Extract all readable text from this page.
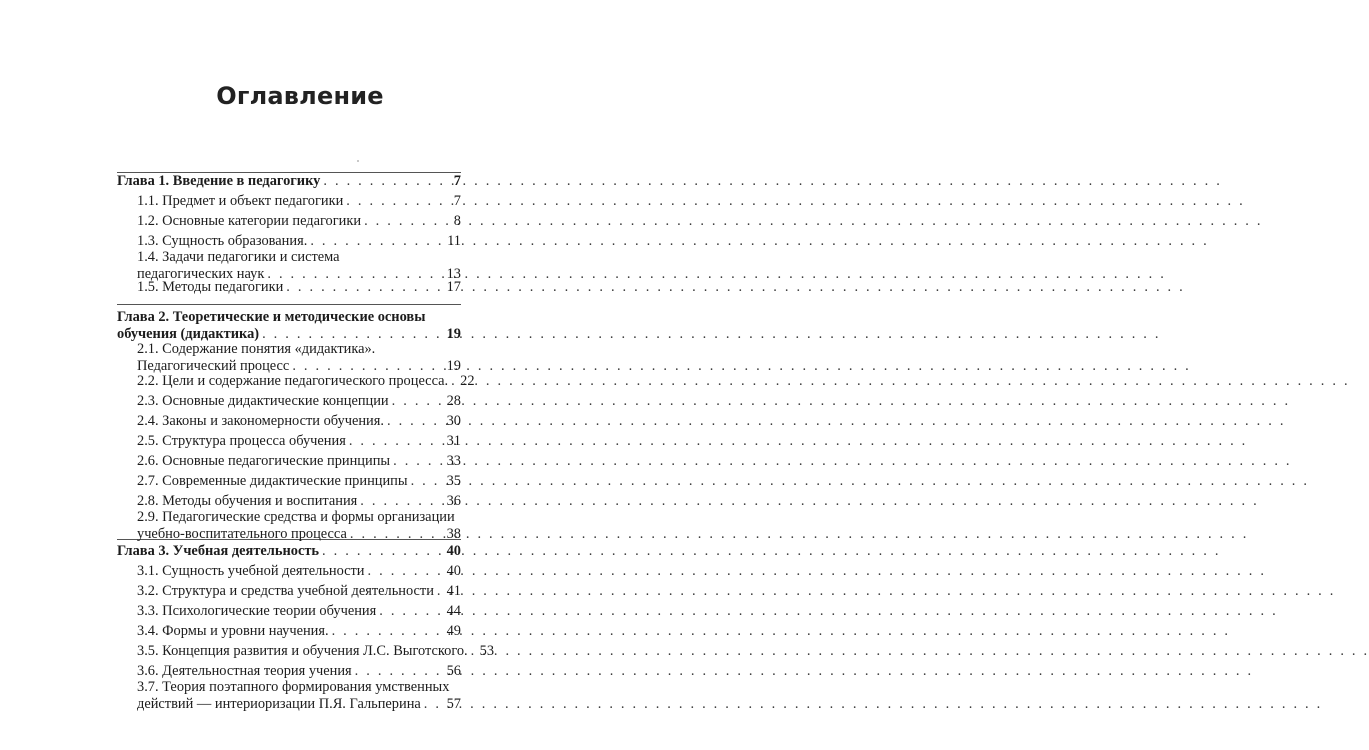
Оглавление
Глава 1. Введение в педагогику . . .	7
1.1. Предмет и объект педагогики . . .	7
1.2. Основные категории педагогики . . .	8
1.3. Сущность образования. . . .	11
1.4. Задачи педагогики и система
педагогических наук . . .	13
1.5. Методы педагогики . . .	17
Глава 2. Теоретические и методические основы
обучения (дидактика) . . .	19
2.1. Содержание понятия «дидактика».
Педагогический процесс . . .	19
2.2. Цели и содержание педагогического процесса. . . . 22
2.3. Основные дидактические концепции . . .	28
2.4. Законы и закономерности обучения. . . .	30
2.5. Структура процесса обучения . . .	31
2.6. Основные педагогические принципы . . .	33
2.7. Современные дидактические принципы . . .	35
2.8. Методы обучения и воспитания . . .	36
2.9. Педагогические средства и формы организации
учебно-воспитательного процесса . . .	38
Глава 3. Учебная деятельность . . .	40
3.1. Сущность учебной деятельности . . .	40
3.2. Структура и средства учебной деятельности . . . 41
3.3. Психологические теории обучения . . .	44
3.4. Формы и уровни научения. . . .	49
3.5. Концепция развития и обучения Л.С. Выготского. . . . 53
3.6. Деятельностная теория учения . . .	56
3.7. Теория поэтапного формирования умственных
действий — интериоризации П.Я. Гальперина . . . 57
